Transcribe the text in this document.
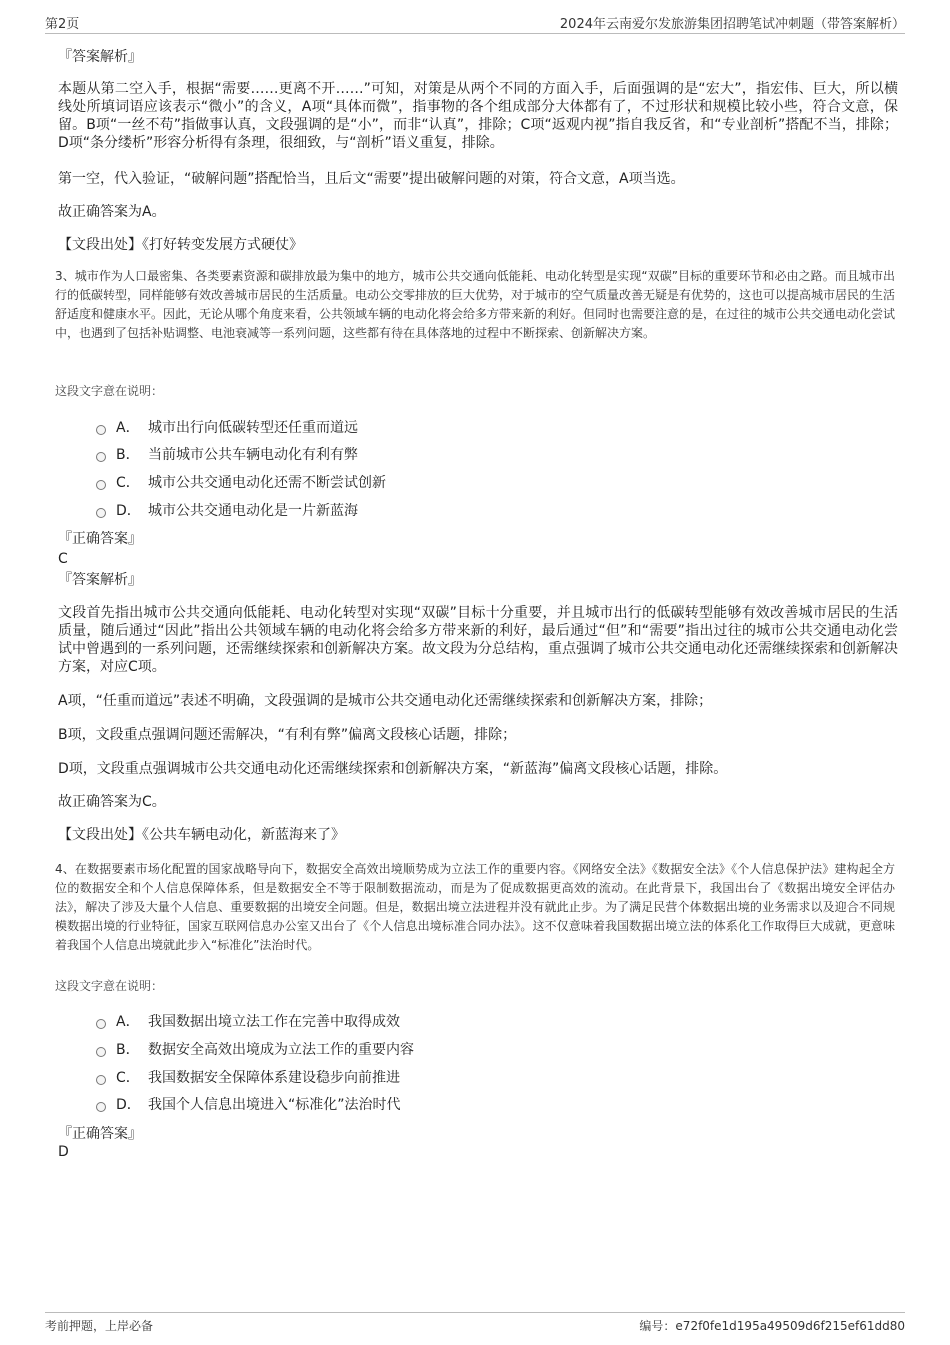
第2页	2024年云南爱尔发旅游集团招聘笔试冲刺题（带答案解析）
『答案解析』
本题从第二空入手，根据“需要……更离不开……”可知，对策是从两个不同的方面入手，后面强调的是“宏大”，指宏伟、巨大，所以横线处所填词语应该表示“微小”的含义，A项“具体而微”，指事物的各个组成部分大体都有了，不过形状和规模比较小些，符合文意，保留。B项“一丝不苟”指做事认真，文段强调的是“小”，而非“认真”，排除；C项“返观内视”指自我反省，和“专业剖析”搭配不当，排除；D项“条分缕析”形容分析得有条理，很细致，与“剖析”语义重复，排除。
第一空，代入验证，“破解问题”搭配恰当，且后文“需要”提出破解问题的对策，符合文意，A项当选。
故正确答案为A。
【文段出处】《打好转变发展方式硬仗》
3、城市作为人口最密集、各类要素资源和碳排放最为集中的地方，城市公共交通向低能耗、电动化转型是实现“双碳”目标的重要环节和必由之路。而且城市出行的低碳转型，同样能够有效改善城市居民的生活质量。电动公交零排放的巨大优势，对于城市的空气质量改善无疑是有优势的，这也可以提高城市居民的生活舒适度和健康水平。因此，无论从哪个角度来看，公共领域车辆的电动化将会给多方带来新的利好。但同时也需要注意的是，在过往的城市公共交通电动化尝试中，也遇到了包括补贴调整、电池衰减等一系列问题，这些都有待在具体落地的过程中不断探索、创新解决方案。
这段文字意在说明：
A． 城市出行向低碳转型还任重而道远
B． 当前城市公共车辆电动化有利有弊
C． 城市公共交通电动化还需不断尝试创新
D． 城市公共交通电动化是一片新蓝海
『正确答案』
C
『答案解析』
文段首先指出城市公共交通向低能耗、电动化转型对实现“双碳”目标十分重要，并且城市出行的低碳转型能够有效改善城市居民的生活质量，随后通过“因此”指出公共领域车辆的电动化将会给多方带来新的利好，最后通过“但”和“需要”指出过往的城市公共交通电动化尝试中曾遇到的一系列问题，还需继续探索和创新解决方案。故文段为分总结构，重点强调了城市公共交通电动化还需继续探索和创新解决方案，对应C项。
A项，“任重而道远”表述不明确，文段强调的是城市公共交通电动化还需继续探索和创新解决方案，排除；
B项，文段重点强调问题还需解决，“有利有弊”偏离文段核心话题，排除；
D项，文段重点强调城市公共交通电动化还需继续探索和创新解决方案，“新蓝海”偏离文段核心话题，排除。
故正确答案为C。
【文段出处】《公共车辆电动化，新蓝海来了》
4、在数据要素市场化配置的国家战略导向下，数据安全高效出境顺势成为立法工作的重要内容。《网络安全法》《数据安全法》《个人信息保护法》建构起全方位的数据安全和个人信息保障体系，但是数据安全不等于限制数据流动，而是为了促成数据更高效的流动。在此背景下，我国出台了《数据出境安全评估办法》，解决了涉及大量个人信息、重要数据的出境安全问题。但是，数据出境立法进程并没有就此止步。为了满足民营个体数据出境的业务需求以及迎合不同规模数据出境的行业特征，国家互联网信息办公室又出台了《个人信息出境标准合同办法》。这不仅意味着我国数据出境立法的体系化工作取得巨大成就，更意味着我国个人信息出境就此步入“标准化”法治时代。
这段文字意在说明：
A． 我国数据出境立法工作在完善中取得成效
B． 数据安全高效出境成为立法工作的重要内容
C． 我国数据安全保障体系建设稳步向前推进
D． 我国个人信息出境进入“标准化”法治时代
『正确答案』
D
考前押题，上岸必备	编号：e72f0fe1d195a49509d6f215ef61dd80
